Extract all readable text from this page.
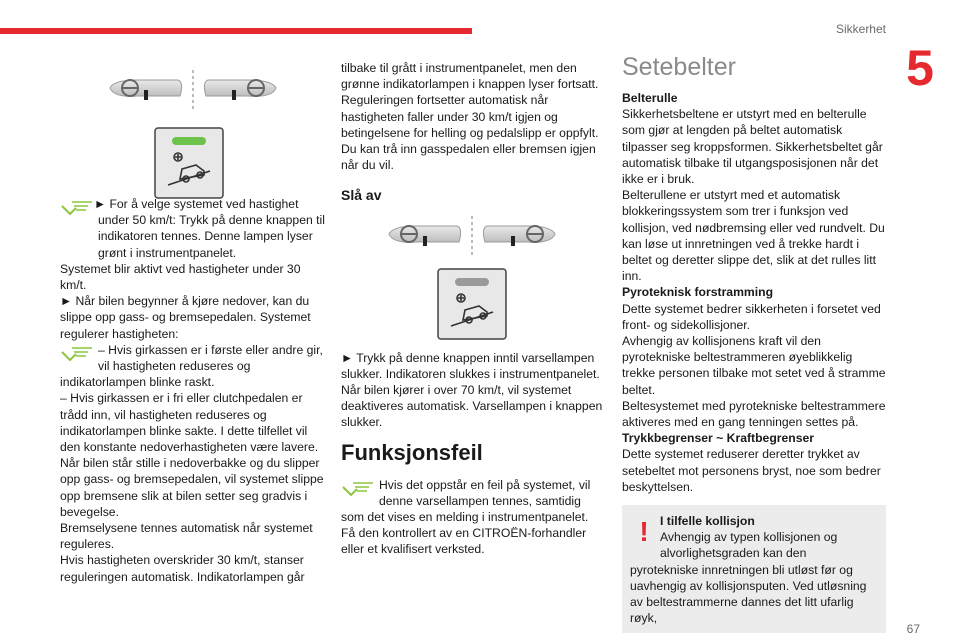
Sikkerhet
5
67

► For å velge systemet ved hastighet under 50 km/t: Trykk på denne knappen til indikatoren tennes. Denne lampen lyser grønt i instrumentpanelet.

Systemet blir aktivt ved hastigheter under 30 km/t.

► Når bilen begynner å kjøre nedover, kan du slippe opp gass- og bremsepedalen. Systemet regulerer hastigheten:

– Hvis girkassen er i første eller andre gir, vil hastigheten reduseres og indikatorlampen blinke raskt.

– Hvis girkassen er i fri eller clutchpedalen er trådd inn, vil hastigheten reduseres og indikatorlampen blinke sakte. I dette tilfellet vil den konstante nedoverhastigheten være lavere.

Når bilen står stille i nedoverbakke og du slipper opp gass- og bremsepedalen, vil systemet slippe opp bremsene slik at bilen setter seg gradvis i bevegelse.

Bremselysene tennes automatisk når systemet reguleres.

Hvis hastigheten overskrider 30 km/t, stanser reguleringen automatisk. Indikatorlampen går

tilbake til grått i instrumentpanelet, men den grønne indikatorlampen i knappen lyser fortsatt.

Reguleringen fortsetter automatisk når hastigheten faller under 30 km/t igjen og betingelsene for helling og pedalslipp er oppfylt.

Du kan trå inn gasspedalen eller bremsen igjen når du vil.

Slå av

► Trykk på denne knappen inntil varsellampen slukker. Indikatoren slukkes i instrumentpanelet.

Når bilen kjører i over 70 km/t, vil systemet deaktiveres automatisk. Varsellampen i knappen slukker.

Funksjonsfeil

Hvis det oppstår en feil på systemet, vil denne varsellampen tennes, samtidig som det vises en melding i instrumentpanelet.

Få den kontrollert av en CITROËN-forhandler eller et kvalifisert verksted.

Setebelter

Belterulle

Sikkerhetsbeltene er utstyrt med en belterulle som gjør at lengden på beltet automatisk tilpasser seg kroppsformen. Sikkerhetsbeltet går automatisk tilbake til utgangsposisjonen når det ikke er i bruk.

Belterullene er utstyrt med et automatisk blokkeringssystem som trer i funksjon ved kollisjon, ved nødbremsing eller ved rundvelt. Du kan løse ut innretningen ved å trekke hardt i beltet og deretter slippe det, slik at det rulles litt inn.

Pyroteknisk forstramming

Dette systemet bedrer sikkerheten i forsetet ved front- og sidekollisjoner.

Avhengig av kollisjonens kraft vil den pyrotekniske beltestrammeren øyeblikkelig trekke personen tilbake mot setet ved å stramme beltet.

Beltesystemet med pyrotekniske beltestrammere aktiveres med en gang tenningen settes på.

Trykkbegrenser ~ Kraftbegrenser

Dette systemet reduserer deretter trykket av setebeltet mot personens bryst, noe som bedrer beskyttelsen.

! I tilfelle kollisjon

Avhengig av typen kollisjonen og alvorlighetsgraden kan den pyrotekniske innretningen bli utløst før og uavhengig av kollisjonsputen. Ved utløsning av beltestrammerne dannes det litt ufarlig røyk,
